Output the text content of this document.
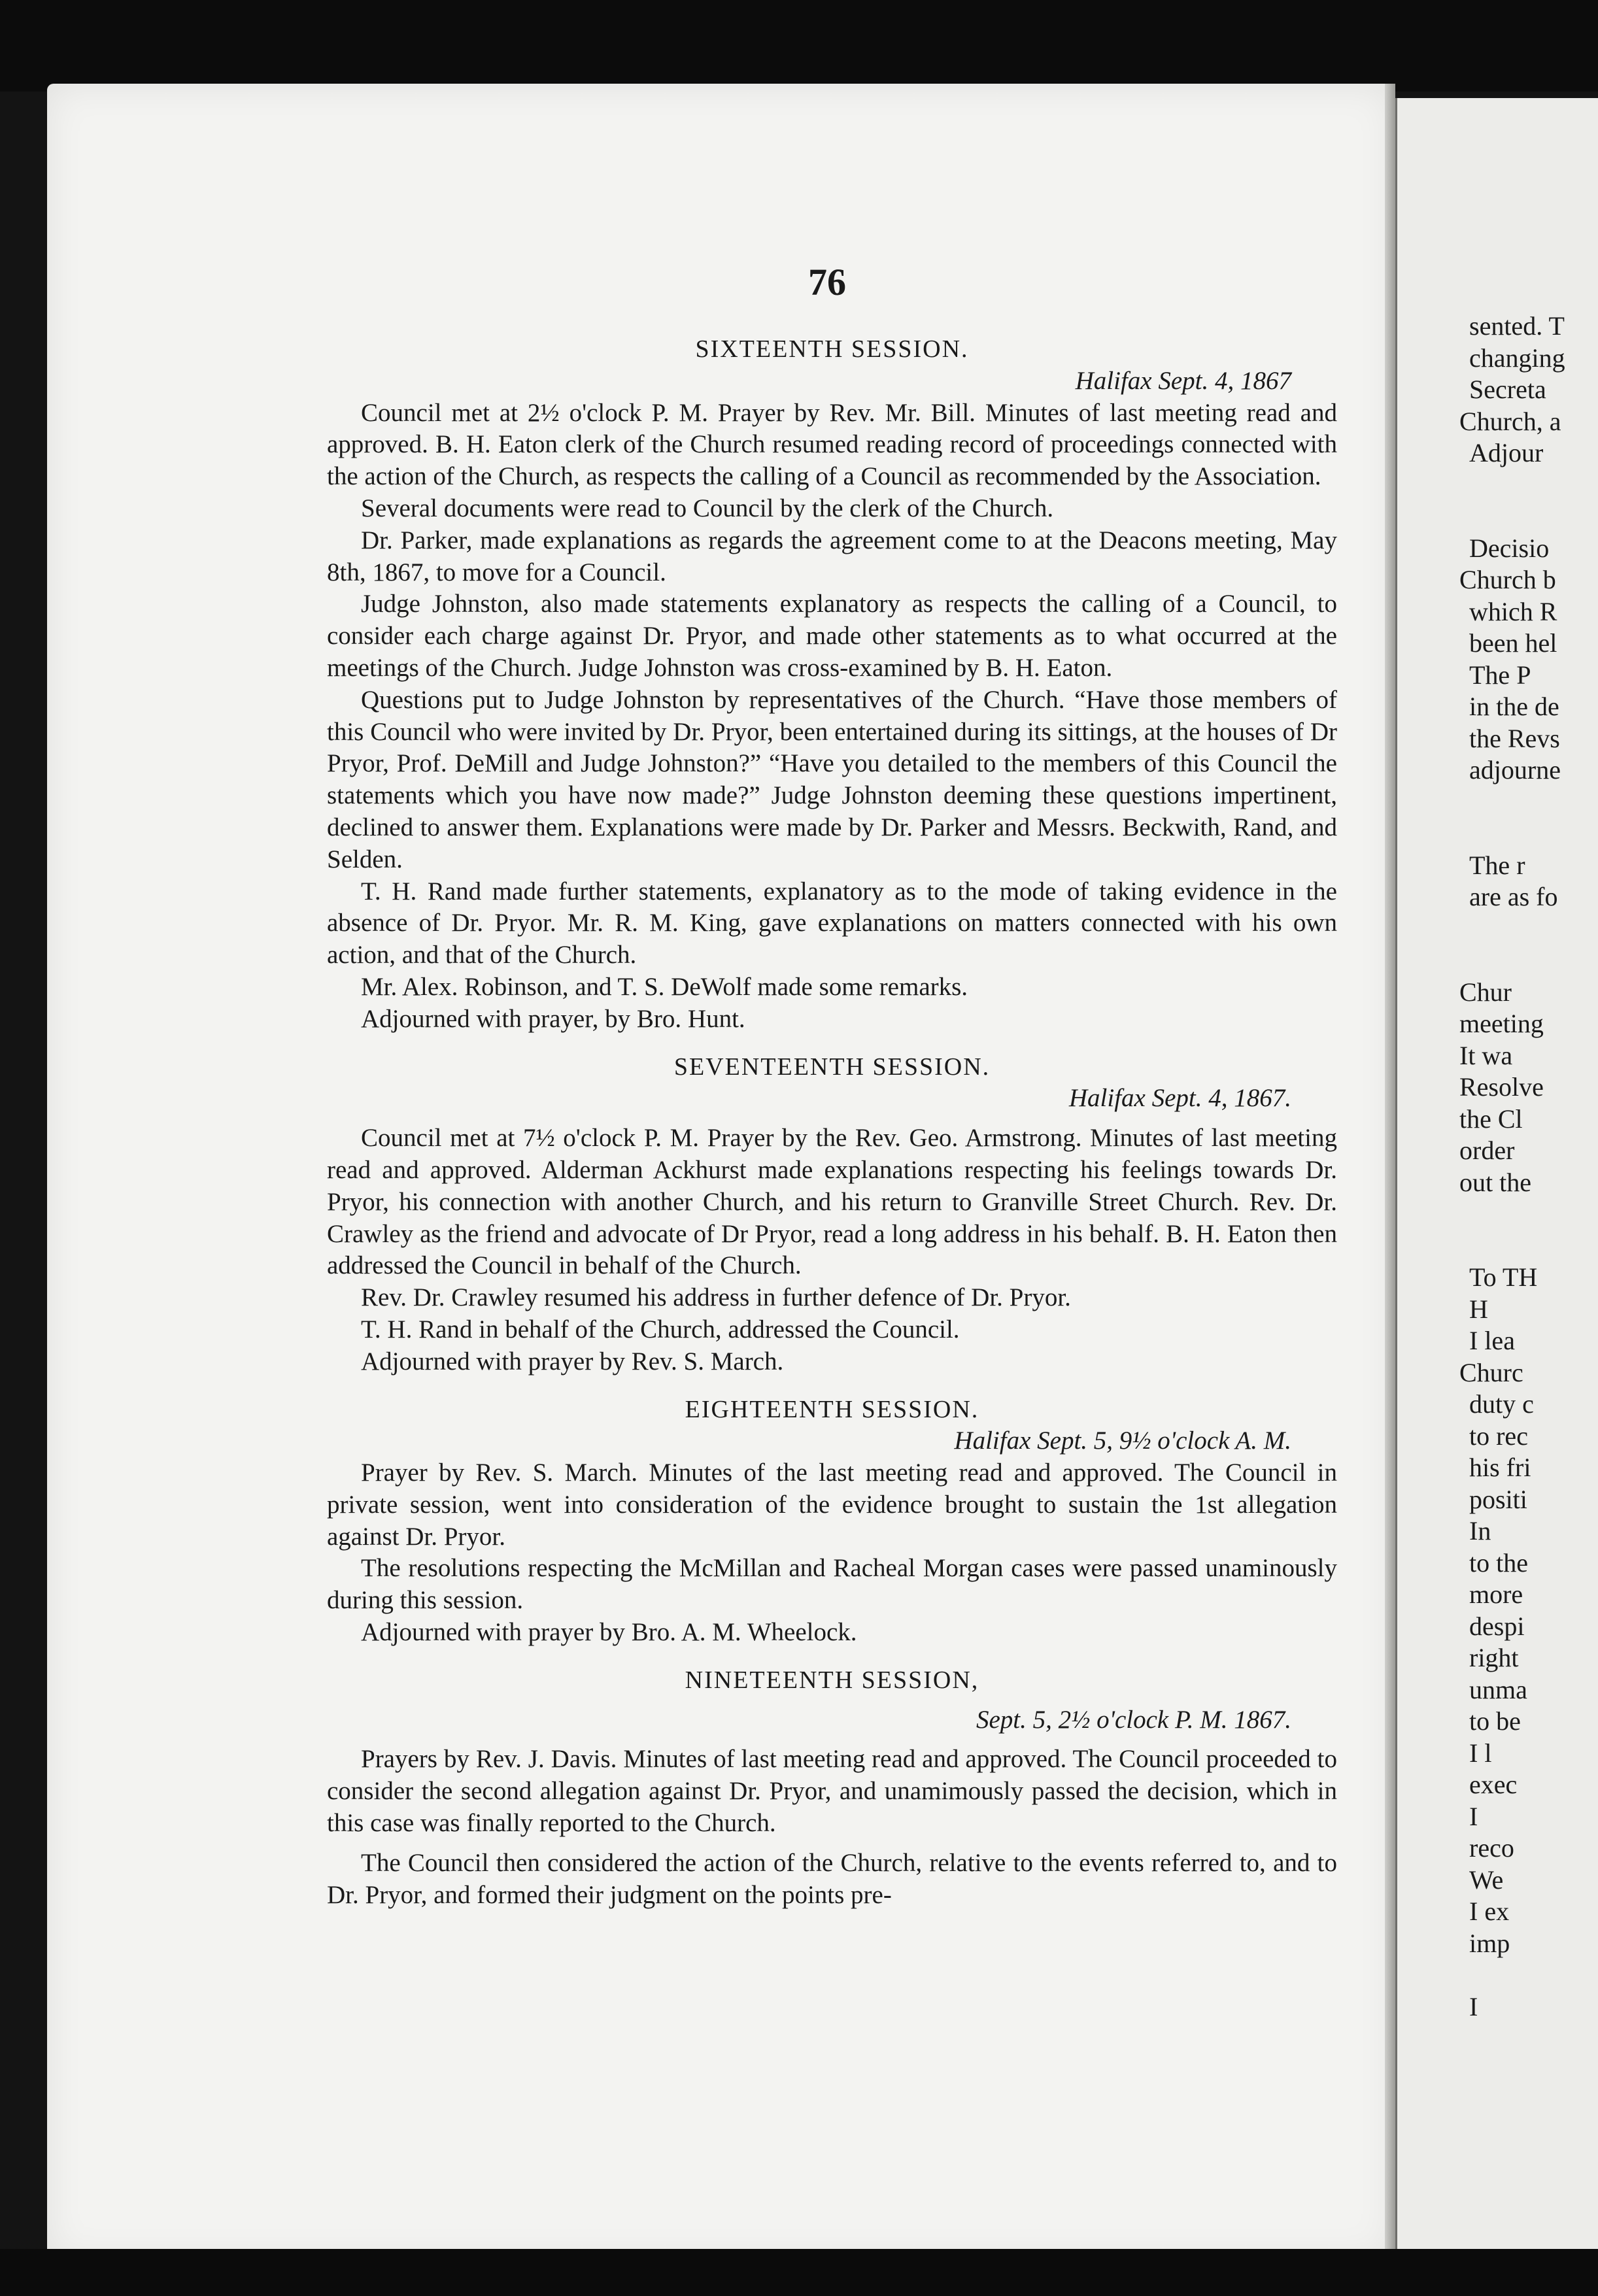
sented. T
changing
Secreta
Church, a
Adjour
Decisio
Church b
which R
been hel
The P
in the de
the Revs
adjourne
The r
are as fo
Chur
meeting
It wa
Resolve
the Cl
order
out the
To TH
H
I lea
Churc
duty c
to rec
his fri
positi
In
to the
more
despi
right
unma
to be
I l
exec
I
reco
We
I ex
imp
I
76

SIXTEENTH SESSION.

Halifax Sept. 4, 1867

Council met at 2½ o'clock P. M. Prayer by Rev. Mr. Bill. Minutes of last meeting read and approved. B. H. Eaton clerk of the Church resumed reading record of proceedings connected with the action of the Church, as respects the calling of a Council as recommended by the Association.

Several documents were read to Council by the clerk of the Church.

Dr. Parker, made explanations as regards the agreement come to at the Deacons meeting, May 8th, 1867, to move for a Council.

Judge Johnston, also made statements explanatory as respects the calling of a Council, to consider each charge against Dr. Pryor, and made other statements as to what occurred at the meetings of the Church. Judge Johnston was cross-examined by B. H. Eaton.

Questions put to Judge Johnston by representatives of the Church. “Have those members of this Council who were invited by Dr. Pryor, been entertained during its sittings, at the houses of Dr Pryor, Prof. DeMill and Judge Johnston?” “Have you detailed to the members of this Council the statements which you have now made?” Judge Johnston deeming these questions impertinent, declined to answer them. Explanations were made by Dr. Parker and Messrs. Beckwith, Rand, and Selden.

T. H. Rand made further statements, explanatory as to the mode of taking evidence in the absence of Dr. Pryor. Mr. R. M. King, gave explanations on matters connected with his own action, and that of the Church.

Mr. Alex. Robinson, and T. S. DeWolf made some remarks.

Adjourned with prayer, by Bro. Hunt.

SEVENTEENTH SESSION.

Halifax Sept. 4, 1867.

Council met at 7½ o'clock P. M. Prayer by the Rev. Geo. Armstrong. Minutes of last meeting read and approved. Alderman Ackhurst made explanations respecting his feelings towards Dr. Pryor, his connection with another Church, and his return to Granville Street Church. Rev. Dr. Crawley as the friend and advocate of Dr Pryor, read a long address in his behalf. B. H. Eaton then addressed the Council in behalf of the Church.

Rev. Dr. Crawley resumed his address in further defence of Dr. Pryor.

T. H. Rand in behalf of the Church, addressed the Council.

Adjourned with prayer by Rev. S. March.

EIGHTEENTH SESSION.

Halifax Sept. 5, 9½ o'clock A. M.

Prayer by Rev. S. March. Minutes of the last meeting read and approved. The Council in private session, went into consideration of the evidence brought to sustain the 1st allegation against Dr. Pryor.

The resolutions respecting the McMillan and Racheal Morgan cases were passed unaminously during this session.

Adjourned with prayer by Bro. A. M. Wheelock.

NINETEENTH SESSION,

Sept. 5, 2½ o'clock P. M. 1867.

Prayers by Rev. J. Davis. Minutes of last meeting read and approved. The Council proceeded to consider the second allegation against Dr. Pryor, and unamimously passed the decision, which in this case was finally reported to the Church.

The Council then considered the action of the Church, relative to the events referred to, and to Dr. Pryor, and formed their judgment on the points pre-
